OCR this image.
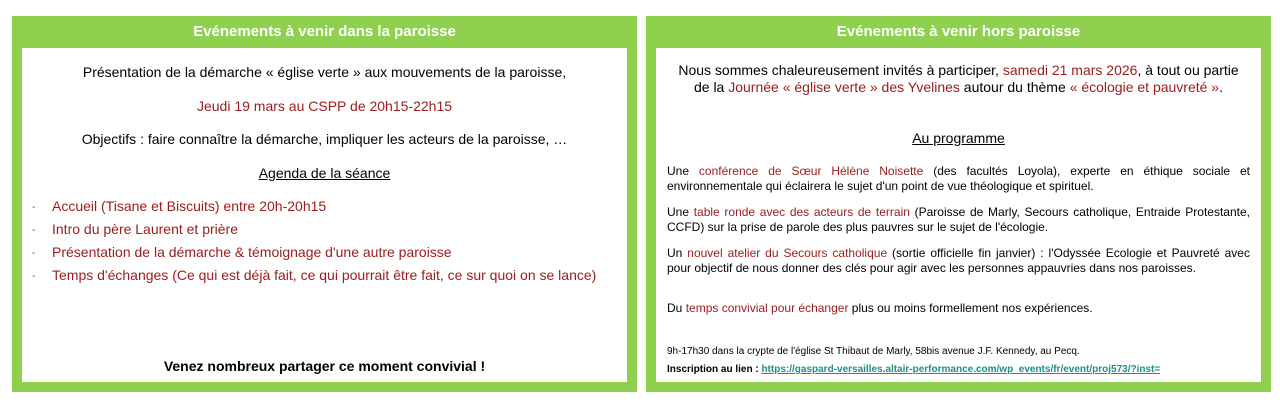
Evénements à venir dans la paroisse
Présentation de la démarche « église verte » aux mouvements de la paroisse,
Jeudi 19 mars au CSPP de 20h15-22h15
Objectifs : faire connaître la démarche, impliquer les acteurs de la paroisse, …
Agenda de la séance
- Accueil (Tisane et Biscuits) entre 20h-20h15
- Intro du père Laurent et prière
- Présentation de la démarche & témoignage d'une autre paroisse
- Temps d'échanges (Ce qui est déjà fait, ce qui pourrait être fait, ce sur quoi on se lance)
Venez nombreux partager ce moment convivial !
Evénements à venir hors paroisse
Nous sommes chaleureusement invités à participer, samedi 21 mars 2026, à tout ou partie de la Journée « église verte » des Yvelines autour du thème « écologie et pauvreté ».
Au programme
Une conférence de Sœur Hélène Noisette (des facultés Loyola), experte en éthique sociale et environnementale qui éclairera le sujet d'un point de vue théologique et spirituel.
Une table ronde avec des acteurs de terrain (Paroisse de Marly, Secours catholique, Entraide Protestante, CCFD) sur la prise de parole des plus pauvres sur le sujet de l'écologie.
Un nouvel atelier du Secours catholique (sortie officielle fin janvier) : l'Odyssée Ecologie et Pauvreté avec pour objectif de nous donner des clés pour agir avec les personnes appauvries dans nos paroisses.
Du temps convivial pour échanger plus ou moins formellement nos expériences.
9h-17h30 dans la crypte de l'église St Thibaut de Marly, 58bis avenue J.F. Kennedy, au Pecq.
Inscription au lien : https://gaspard-versailles.altair-performance.com/wp_events/fr/event/proj573/?inst=
